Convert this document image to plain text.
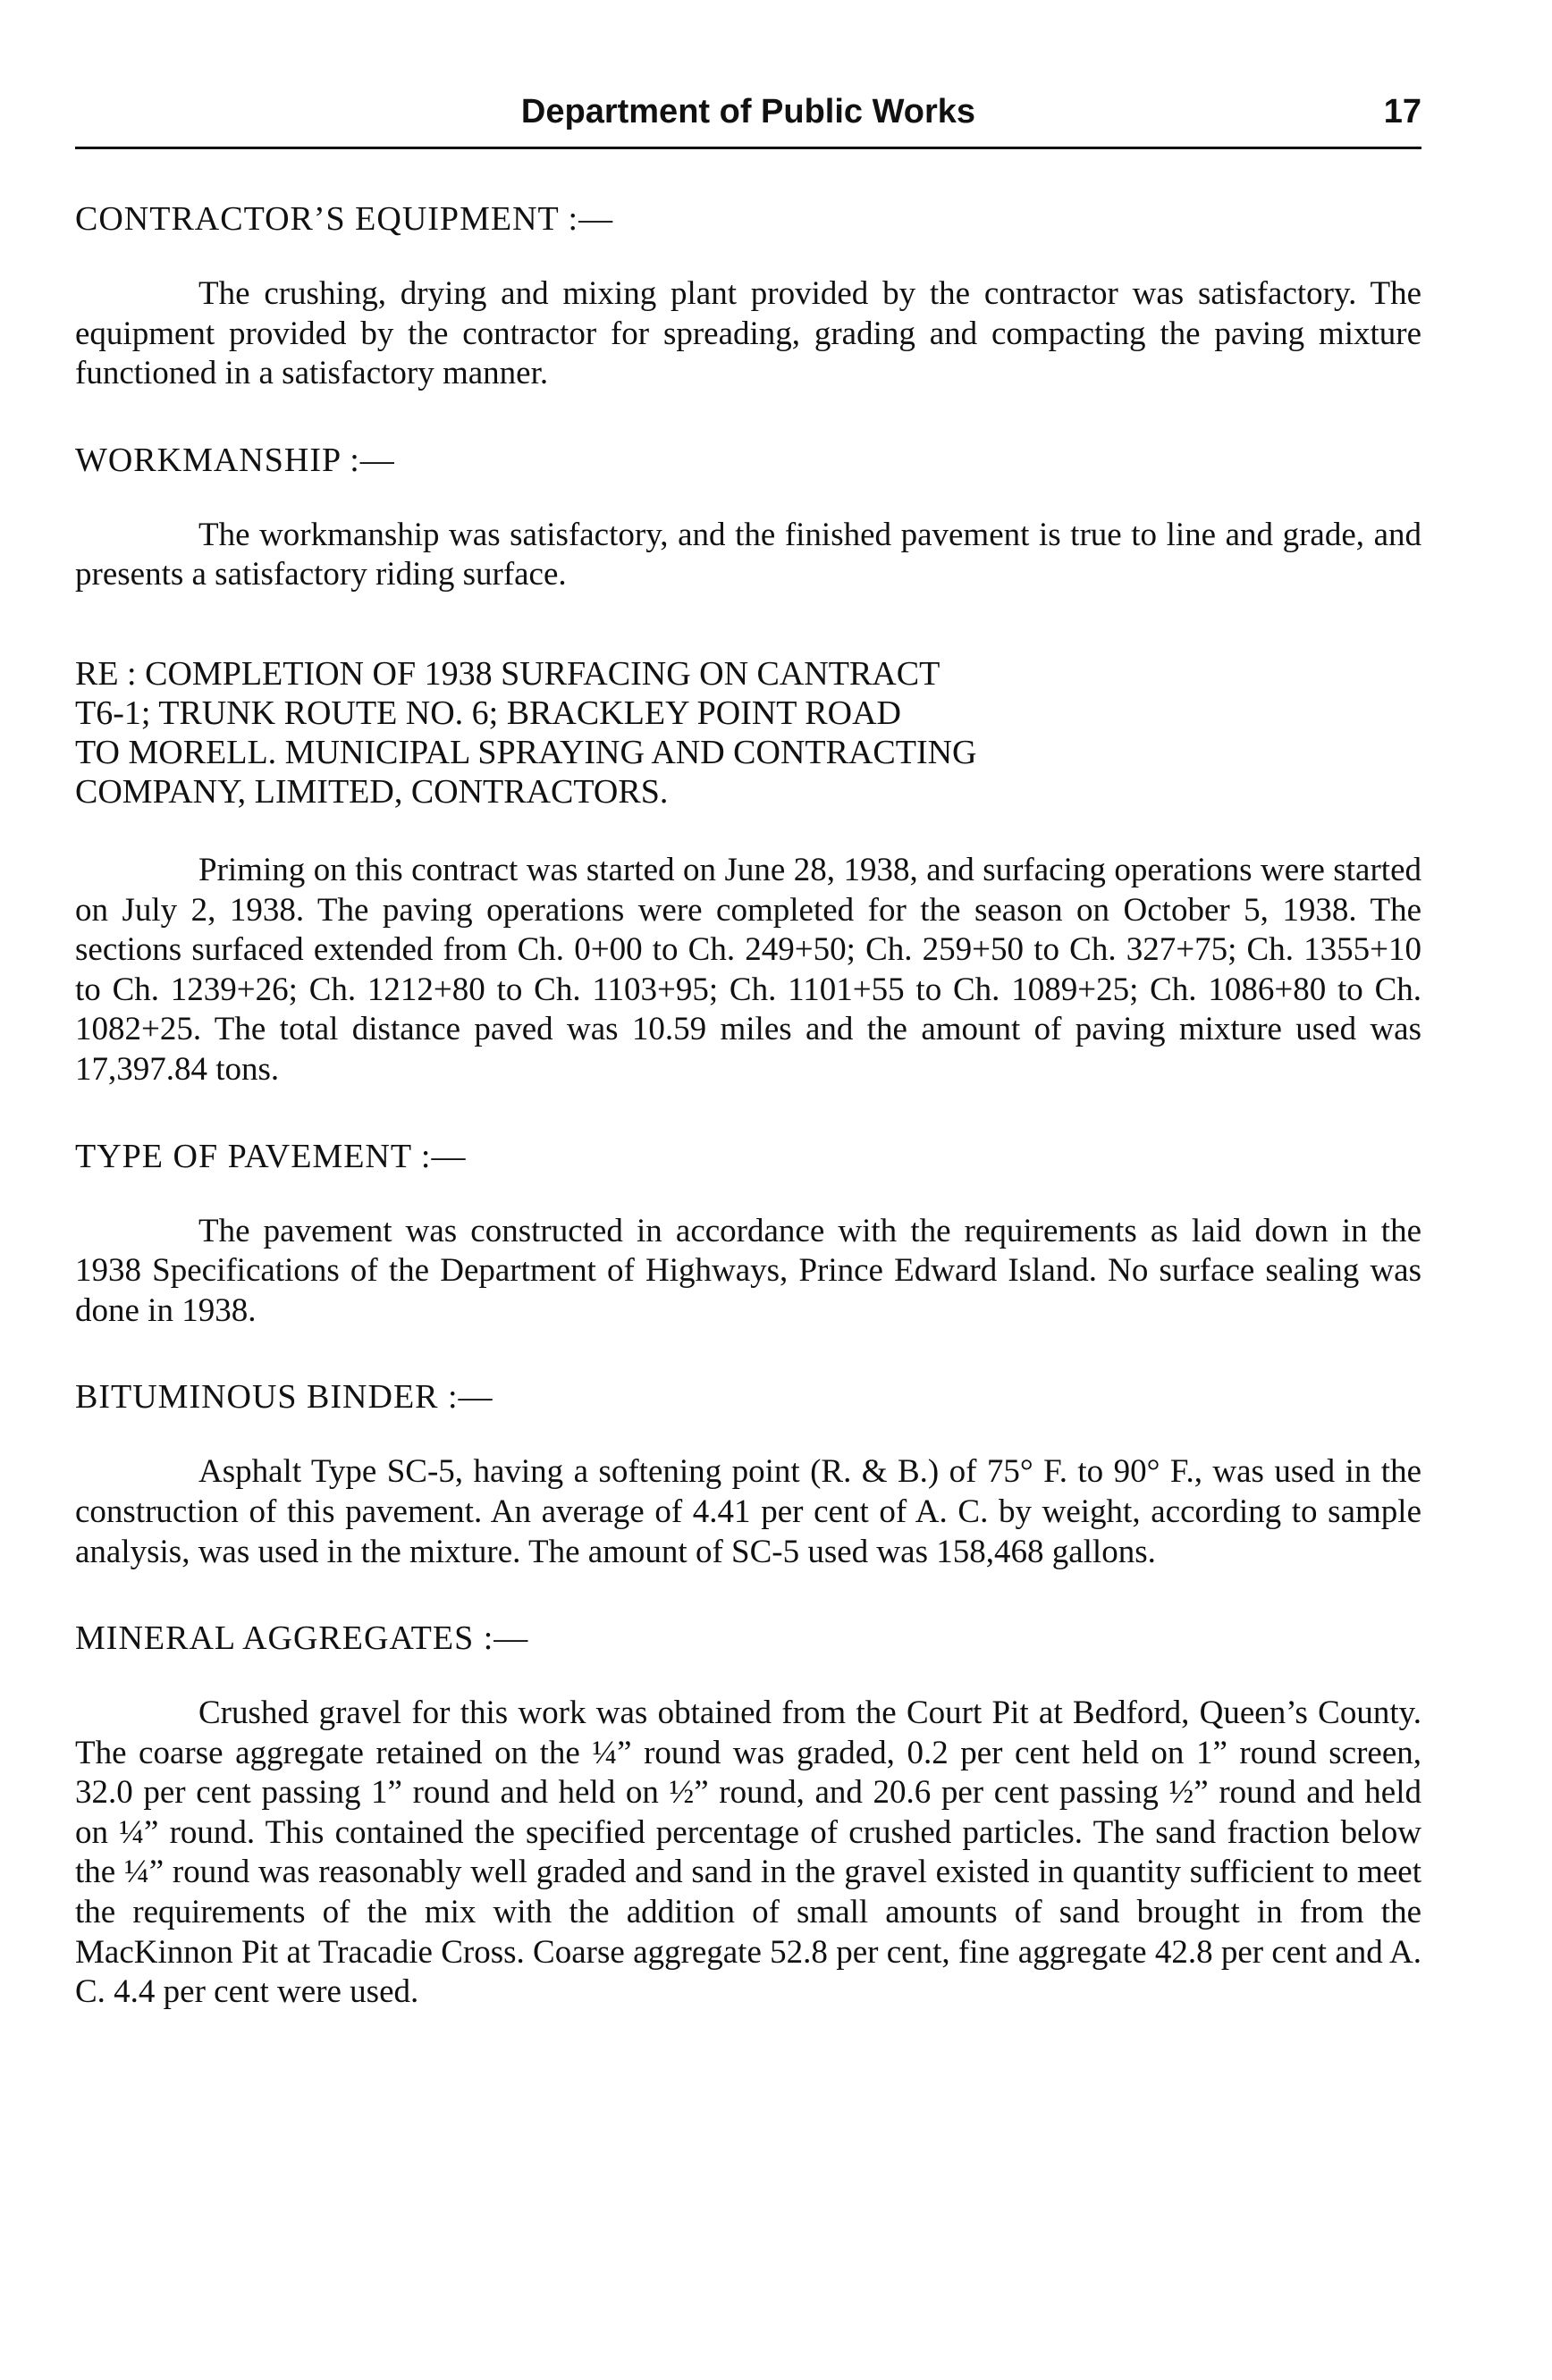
Department of Public Works	17
CONTRACTOR’S EQUIPMENT :—

The crushing, drying and mixing plant provided by the contractor was satisfactory. The equipment provided by the contractor for spreading, grading and compacting the paving mixture functioned in a satisfactory manner.

WORKMANSHIP :—

The workmanship was satisfactory, and the finished pavement is true to line and grade, and presents a satisfactory riding surface.

RE : COMPLETION OF 1938 SURFACING ON CANTRACT
T6-1; TRUNK ROUTE NO. 6; BRACKLEY POINT ROAD
TO MORELL. MUNICIPAL SPRAYING AND CONTRACTING
COMPANY, LIMITED, CONTRACTORS.

Priming on this contract was started on June 28, 1938, and surfacing operations were started on July 2, 1938. The paving operations were completed for the season on October 5, 1938. The sections surfaced extended from Ch. 0+00 to Ch. 249+50; Ch. 259+50 to Ch. 327+75; Ch. 1355+10 to Ch. 1239+26; Ch. 1212+80 to Ch. 1103+95; Ch. 1101+55 to Ch. 1089+25; Ch. 1086+80 to Ch. 1082+25. The total distance paved was 10.59 miles and the amount of paving mixture used was 17,397.84 tons.

TYPE OF PAVEMENT :—

The pavement was constructed in accordance with the requirements as laid down in the 1938 Specifications of the Department of Highways, Prince Edward Island. No surface sealing was done in 1938.

BITUMINOUS BINDER :—

Asphalt Type SC-5, having a softening point (R. & B.) of 75° F. to 90° F., was used in the construction of this pavement. An average of 4.41 per cent of A. C. by weight, according to sample analysis, was used in the mixture. The amount of SC-5 used was 158,468 gallons.

MINERAL AGGREGATES :—

Crushed gravel for this work was obtained from the Court Pit at Bedford, Queen’s County. The coarse aggregate retained on the ¼” round was graded, 0.2 per cent held on 1” round screen, 32.0 per cent passing 1” round and held on ½” round, and 20.6 per cent passing ½” round and held on ¼” round. This contained the specified percentage of crushed particles. The sand fraction below the ¼” round was reasonably well graded and sand in the gravel existed in quantity sufficient to meet the requirements of the mix with the addition of small amounts of sand brought in from the MacKinnon Pit at Tracadie Cross. Coarse aggregate 52.8 per cent, fine aggregate 42.8 per cent and A. C. 4.4 per cent were used.
